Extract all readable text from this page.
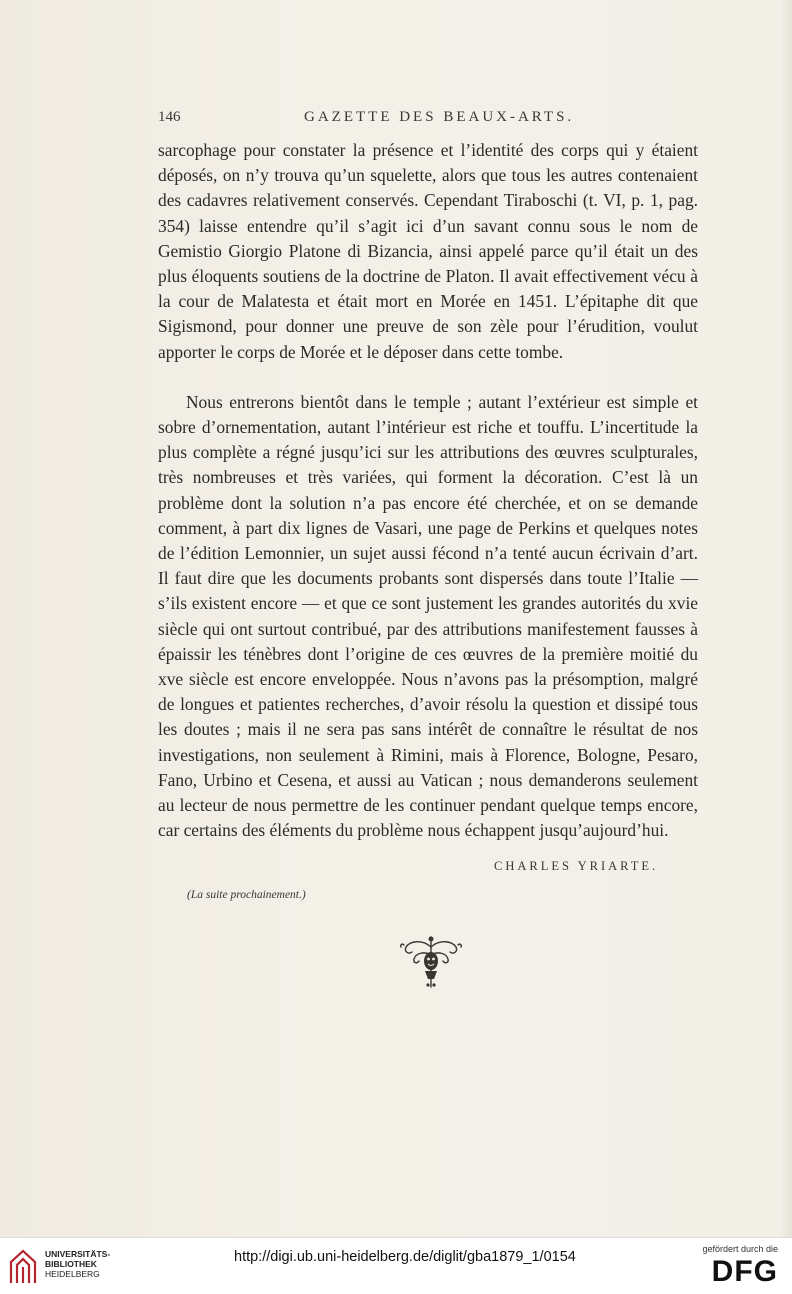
146	GAZETTE DES BEAUX-ARTS.

sarcophage pour constater la présence et l’identité des corps qui y étaient déposés, on n’y trouva qu’un squelette, alors que tous les autres contenaient des cadavres relativement conservés. Cependant Tiraboschi (t. VI, p. 1, pag. 354) laisse entendre qu’il s’agit ici d’un savant connu sous le nom de Gemistio Giorgio Platone di Bizancia, ainsi appelé parce qu’il était un des plus éloquents soutiens de la doctrine de Platon. Il avait effectivement vécu à la cour de Malatesta et était mort en Morée en 1451. L’épitaphe dit que Sigismond, pour donner une preuve de son zèle pour l’érudition, voulut apporter le corps de Morée et le déposer dans cette tombe.

Nous entrerons bientôt dans le temple ; autant l’extérieur est simple et sobre d’ornementation, autant l’intérieur est riche et touffu. L’incertitude la plus complète a régné jusqu’ici sur les attributions des œuvres sculpturales, très nombreuses et très variées, qui forment la décoration. C’est là un problème dont la solution n’a pas encore été cherchée, et on se demande comment, à part dix lignes de Vasari, une page de Perkins et quelques notes de l’édition Lemonnier, un sujet aussi fécond n’a tenté aucun écrivain d’art. Il faut dire que les documents probants sont dispersés dans toute l’Italie — s’ils existent encore — et que ce sont justement les grandes autorités du xvie siècle qui ont surtout contribué, par des attributions manifestement fausses à épaissir les ténèbres dont l’origine de ces œuvres de la première moitié du xve siècle est encore enveloppée. Nous n’avons pas la présomption, malgré de longues et patientes recherches, d’avoir résolu la question et dissipé tous les doutes ; mais il ne sera pas sans intérêt de connaître le résultat de nos investigations, non seulement à Rimini, mais à Florence, Bologne, Pesaro, Fano, Urbino et Cesena, et aussi au Vatican ; nous demanderons seulement au lecteur de nous permettre de les continuer pendant quelque temps encore, car certains des éléments du problème nous échappent jusqu’aujourd’hui.

CHARLES YRIARTE.
(La suite prochainement.)
UNIVERSITÄTS-
BIBLIOTHEK
HEIDELBERG
http://digi.ub.uni-heidelberg.de/diglit/gba1879_1/0154	gefördert durch die
DFG
